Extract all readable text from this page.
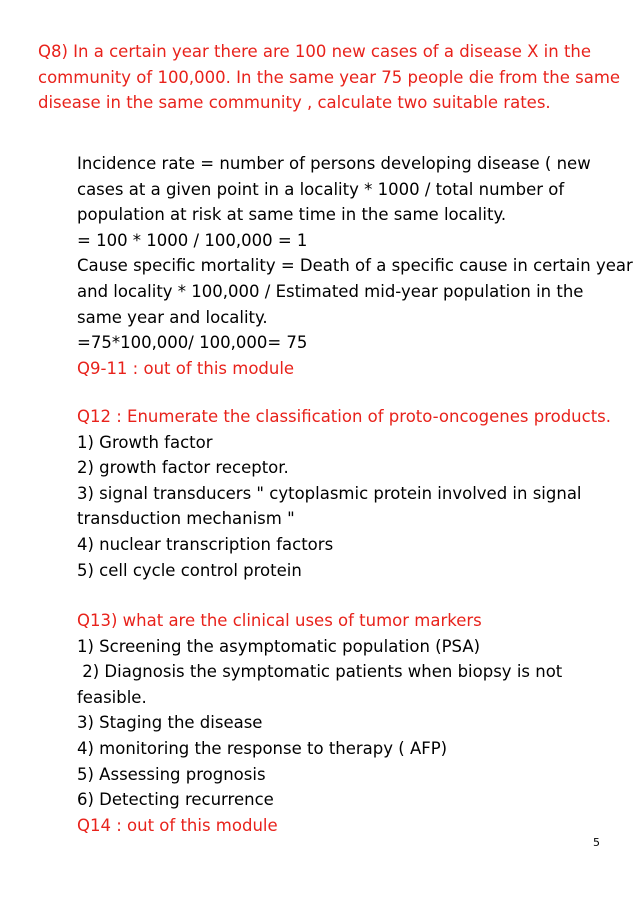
Q8) In a certain year there are 100 new cases of a disease X in the
community of 100,000. In the same year 75 people die from the same
disease in the same community , calculate two suitable rates.
Incidence rate = number of persons developing disease ( new
cases at a given point in a locality * 1000 / total number of
population at risk at same time in the same locality.
= 100 * 1000 / 100,000 = 1
Cause specific mortality = Death of a specific cause in certain year
and locality * 100,000 / Estimated mid-year population in the
same year and locality.
=75*100,000/ 100,000= 75
Q9-11 : out of this module
Q12 : Enumerate the classification of proto-oncogenes products.
1) Growth factor
2) growth factor receptor.
3) signal transducers " cytoplasmic protein involved in signal
transduction mechanism "
4) nuclear transcription factors
5) cell cycle control protein
Q13) what are the clinical uses of tumor markers
1) Screening the asymptomatic population (PSA)
2) Diagnosis the symptomatic patients when biopsy is not
feasible.
3) Staging the disease
4) monitoring the response to therapy ( AFP)
5) Assessing prognosis
6) Detecting recurrence
Q14 : out of this module
5
